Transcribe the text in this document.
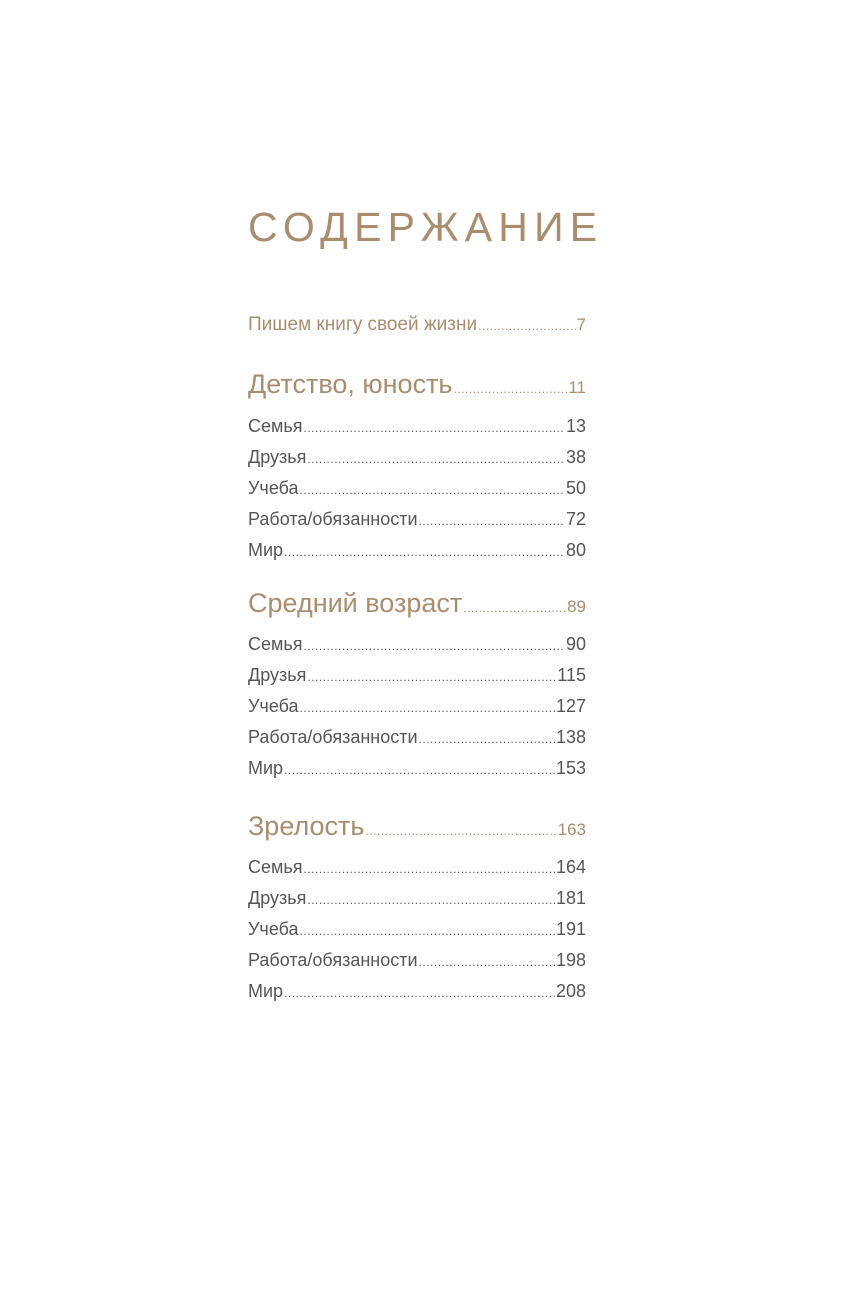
СОДЕРЖАНИЕ
Пишем книгу своей жизни .....	7
Детство, юность .....	11
Семья .....	13
Друзья .....	38
Учеба .....	50
Работа/обязанности .....	72
Мир .....	80
Средний возраст .....	89
Семья .....	90
Друзья .....	115
Учеба .....	127
Работа/обязанности .....	138
Мир .....	153
Зрелость .....	163
Семья .....	164
Друзья .....	181
Учеба .....	191
Работа/обязанности .....	198
Мир .....	208
